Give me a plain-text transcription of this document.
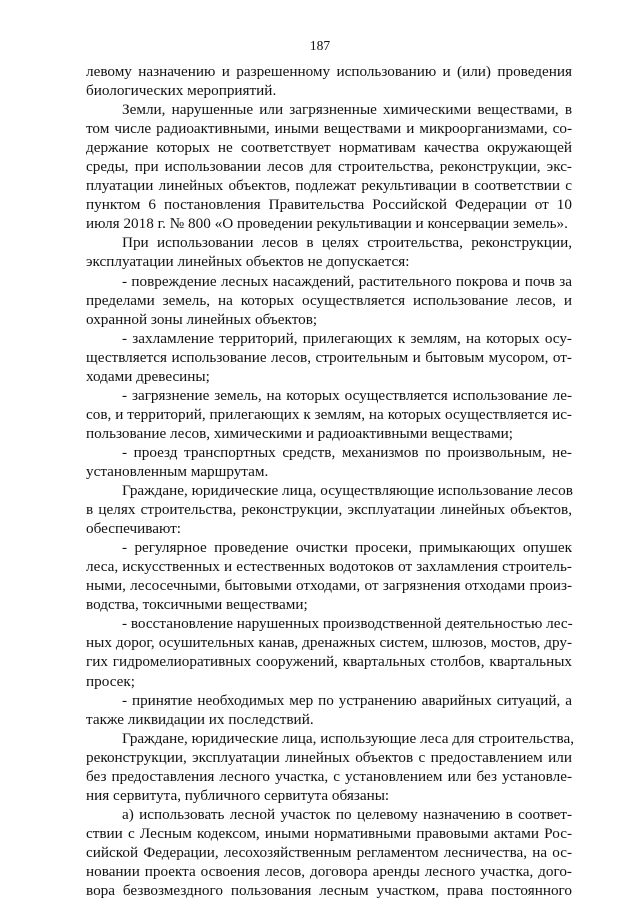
187
левому назначению и разрешенному использованию и (или) проведения
биологических мероприятий.
Земли, нарушенные или загрязненные химическими веществами, в
том числе радиоактивными, иными веществами и микроорганизмами, со-
держание которых не соответствует нормативам качества окружающей
среды, при использовании лесов для строительства, реконструкции, экс-
плуатации линейных объектов, подлежат рекультивации в соответствии с
пунктом 6 постановления Правительства Российской Федерации от 10
июля 2018 г. № 800 «О проведении рекультивации и консервации земель».
При использовании лесов в целях строительства, реконструкции,
эксплуатации линейных объектов не допускается:
- повреждение лесных насаждений, растительного покрова и почв за
пределами земель, на которых осуществляется использование лесов, и
охранной зоны линейных объектов;
- захламление территорий, прилегающих к землям, на которых осу-
ществляется использование лесов, строительным и бытовым мусором, от-
ходами древесины;
- загрязнение земель, на которых осуществляется использование ле-
сов, и территорий, прилегающих к землям, на которых осуществляется ис-
пользование лесов, химическими и радиоактивными веществами;
- проезд транспортных средств, механизмов по произвольным, не-
установленным маршрутам.
Граждане, юридические лица, осуществляющие использование лесов
в целях строительства, реконструкции, эксплуатации линейных объектов,
обеспечивают:
- регулярное проведение очистки просеки, примыкающих опушек
леса, искусственных и естественных водотоков от захламления строитель-
ными, лесосечными, бытовыми отходами, от загрязнения отходами произ-
водства, токсичными веществами;
- восстановление нарушенных производственной деятельностью лес-
ных дорог, осушительных канав, дренажных систем, шлюзов, мостов, дру-
гих гидромелиоративных сооружений, квартальных столбов, квартальных
просек;
- принятие необходимых мер по устранению аварийных ситуаций, а
также ликвидации их последствий.
Граждане, юридические лица, использующие леса для строительства,
реконструкции, эксплуатации линейных объектов с предоставлением или
без предоставления лесного участка, с установлением или без установле-
ния сервитута, публичного сервитута обязаны:
а) использовать лесной участок по целевому назначению в соответ-
ствии с Лесным кодексом, иными нормативными правовыми актами Рос-
сийской Федерации, лесохозяйственным регламентом лесничества, на ос-
новании проекта освоения лесов, договора аренды лесного участка, дого-
вора безвозмездного пользования лесным участком, права постоянного
